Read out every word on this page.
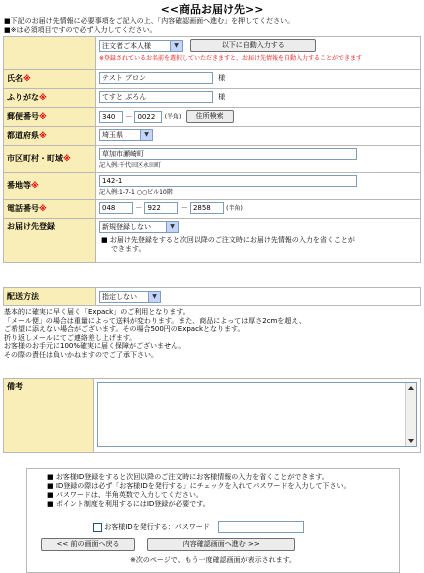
<<商品お届け先>>
■下記のお届け先情報に必要事項をご記入の上、「内容確認画面へ進む」を押してください。
■※は必須項目ですので必ず入力してください。
	注文者ご本人様 ▼ 以下に自動入力する
※登録されているお名前を選択していただきますと、お届け先情報を自動入力することができます

氏名※	テスト ブロン 様
ふりがな※	てすと ぶろん 様
郵便番号※	340 － 0022 (半角) 住所検索
都道府県※	埼玉県 ▼

市区町村・町域※	草加市瀬崎町
記入例:千代田区永田町

番地等※	142-1
記入例:1-7-1 ○○ビル10階

電話番号※	048 － 922 － 2858 (半角)
お届け先登録	新規登録しない ▼
■ お届け先登録をすると次回以降のご注文時にお届け先情報の入力を省くことが
できます。
配送方法	指定しない	▼
基本的に確実に早く届く「Expack」のご利用となります。
「メール便」の場合は重量によって送料が変わります。また、商品によっては厚さ2cmを超え、
ご希望に添えない場合がございます。その場合500円のExpackとなります。
折り返しメールにてご連絡差し上げます。
お客様のお手元に100%確実に届く保障がございません。
その際の責任は負いかねますのでご了承下さい。
備考	
■ お客様ID登録をすると次回以降のご注文時にお客様情報の入力を省くことができます。
■ ID登録の際は必ず「お客様IDを発行する」にチェックを入れてパスワードを入力して下さい。
■ パスワードは、半角英数で入力してください。
■ ポイント制度を利用するにはID登録が必要です。
お客様IDを発行する：パスワード
<< 前の画面へ戻る	内容確認画面へ進む >>
※次のページで、もう一度確認画面が表示されます。
